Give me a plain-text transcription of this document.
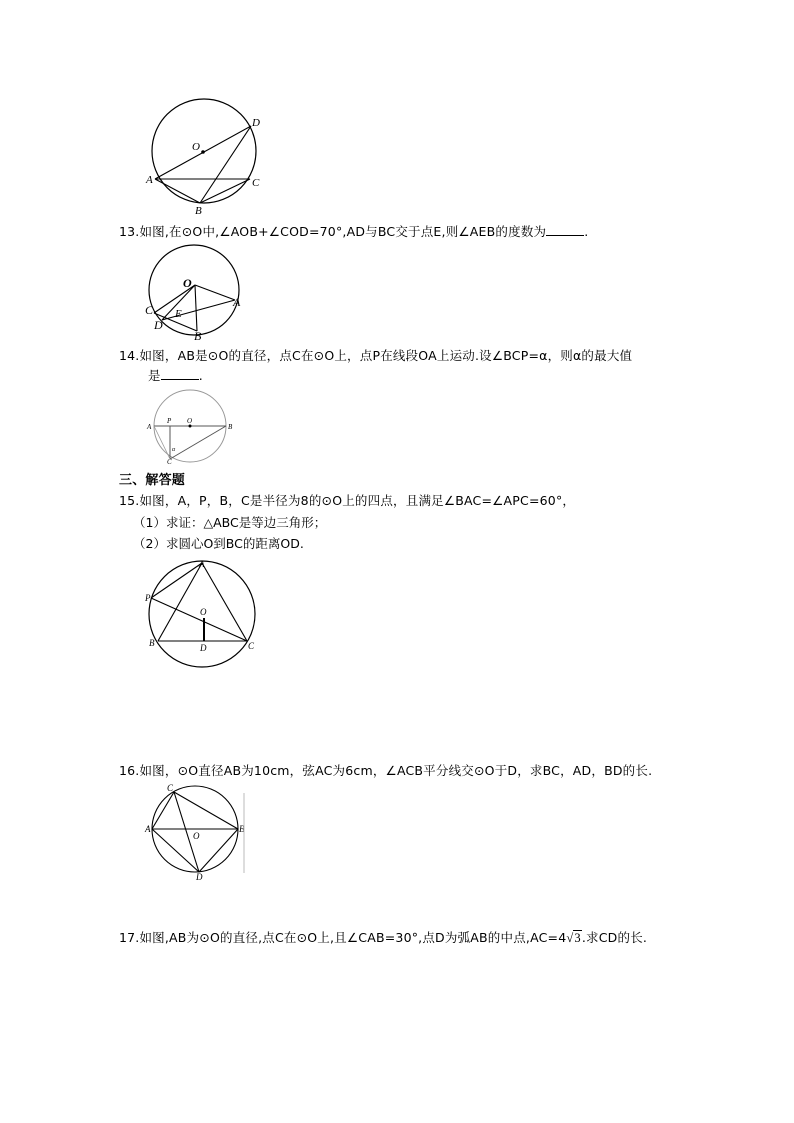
O
D
A	C
B
13.如图,在⊙O中,∠AOB+∠COD=70°,AD与BC交于点E,则∠AEB的度数为	.
O
A
C E
D
B
14.如图，AB是⊙O的直径，点C在⊙O上，点P在线段OA上运动.设∠BCP=α，则α的最大值
是	.
P O
A	B
α
C
三、解答题
15.如图，A，P，B，C是半径为8的⊙O上的四点，且满足∠BAC=∠APC=60°，
（1）求证：△ABC是等边三角形；
（2）求圆心O到BC的距离OD.
A
P
O
B	D	C
16.如图，⊙O直径AB为10cm，弦AC为6cm，∠ACB平分线交⊙O于D，求BC，AD，BD的长.
C
A
O
B
D
17.如图,AB为⊙O的直径,点C在⊙O上,且∠CAB=30°,点D为弧AB的中点,AC=4√3.求CD的长.
